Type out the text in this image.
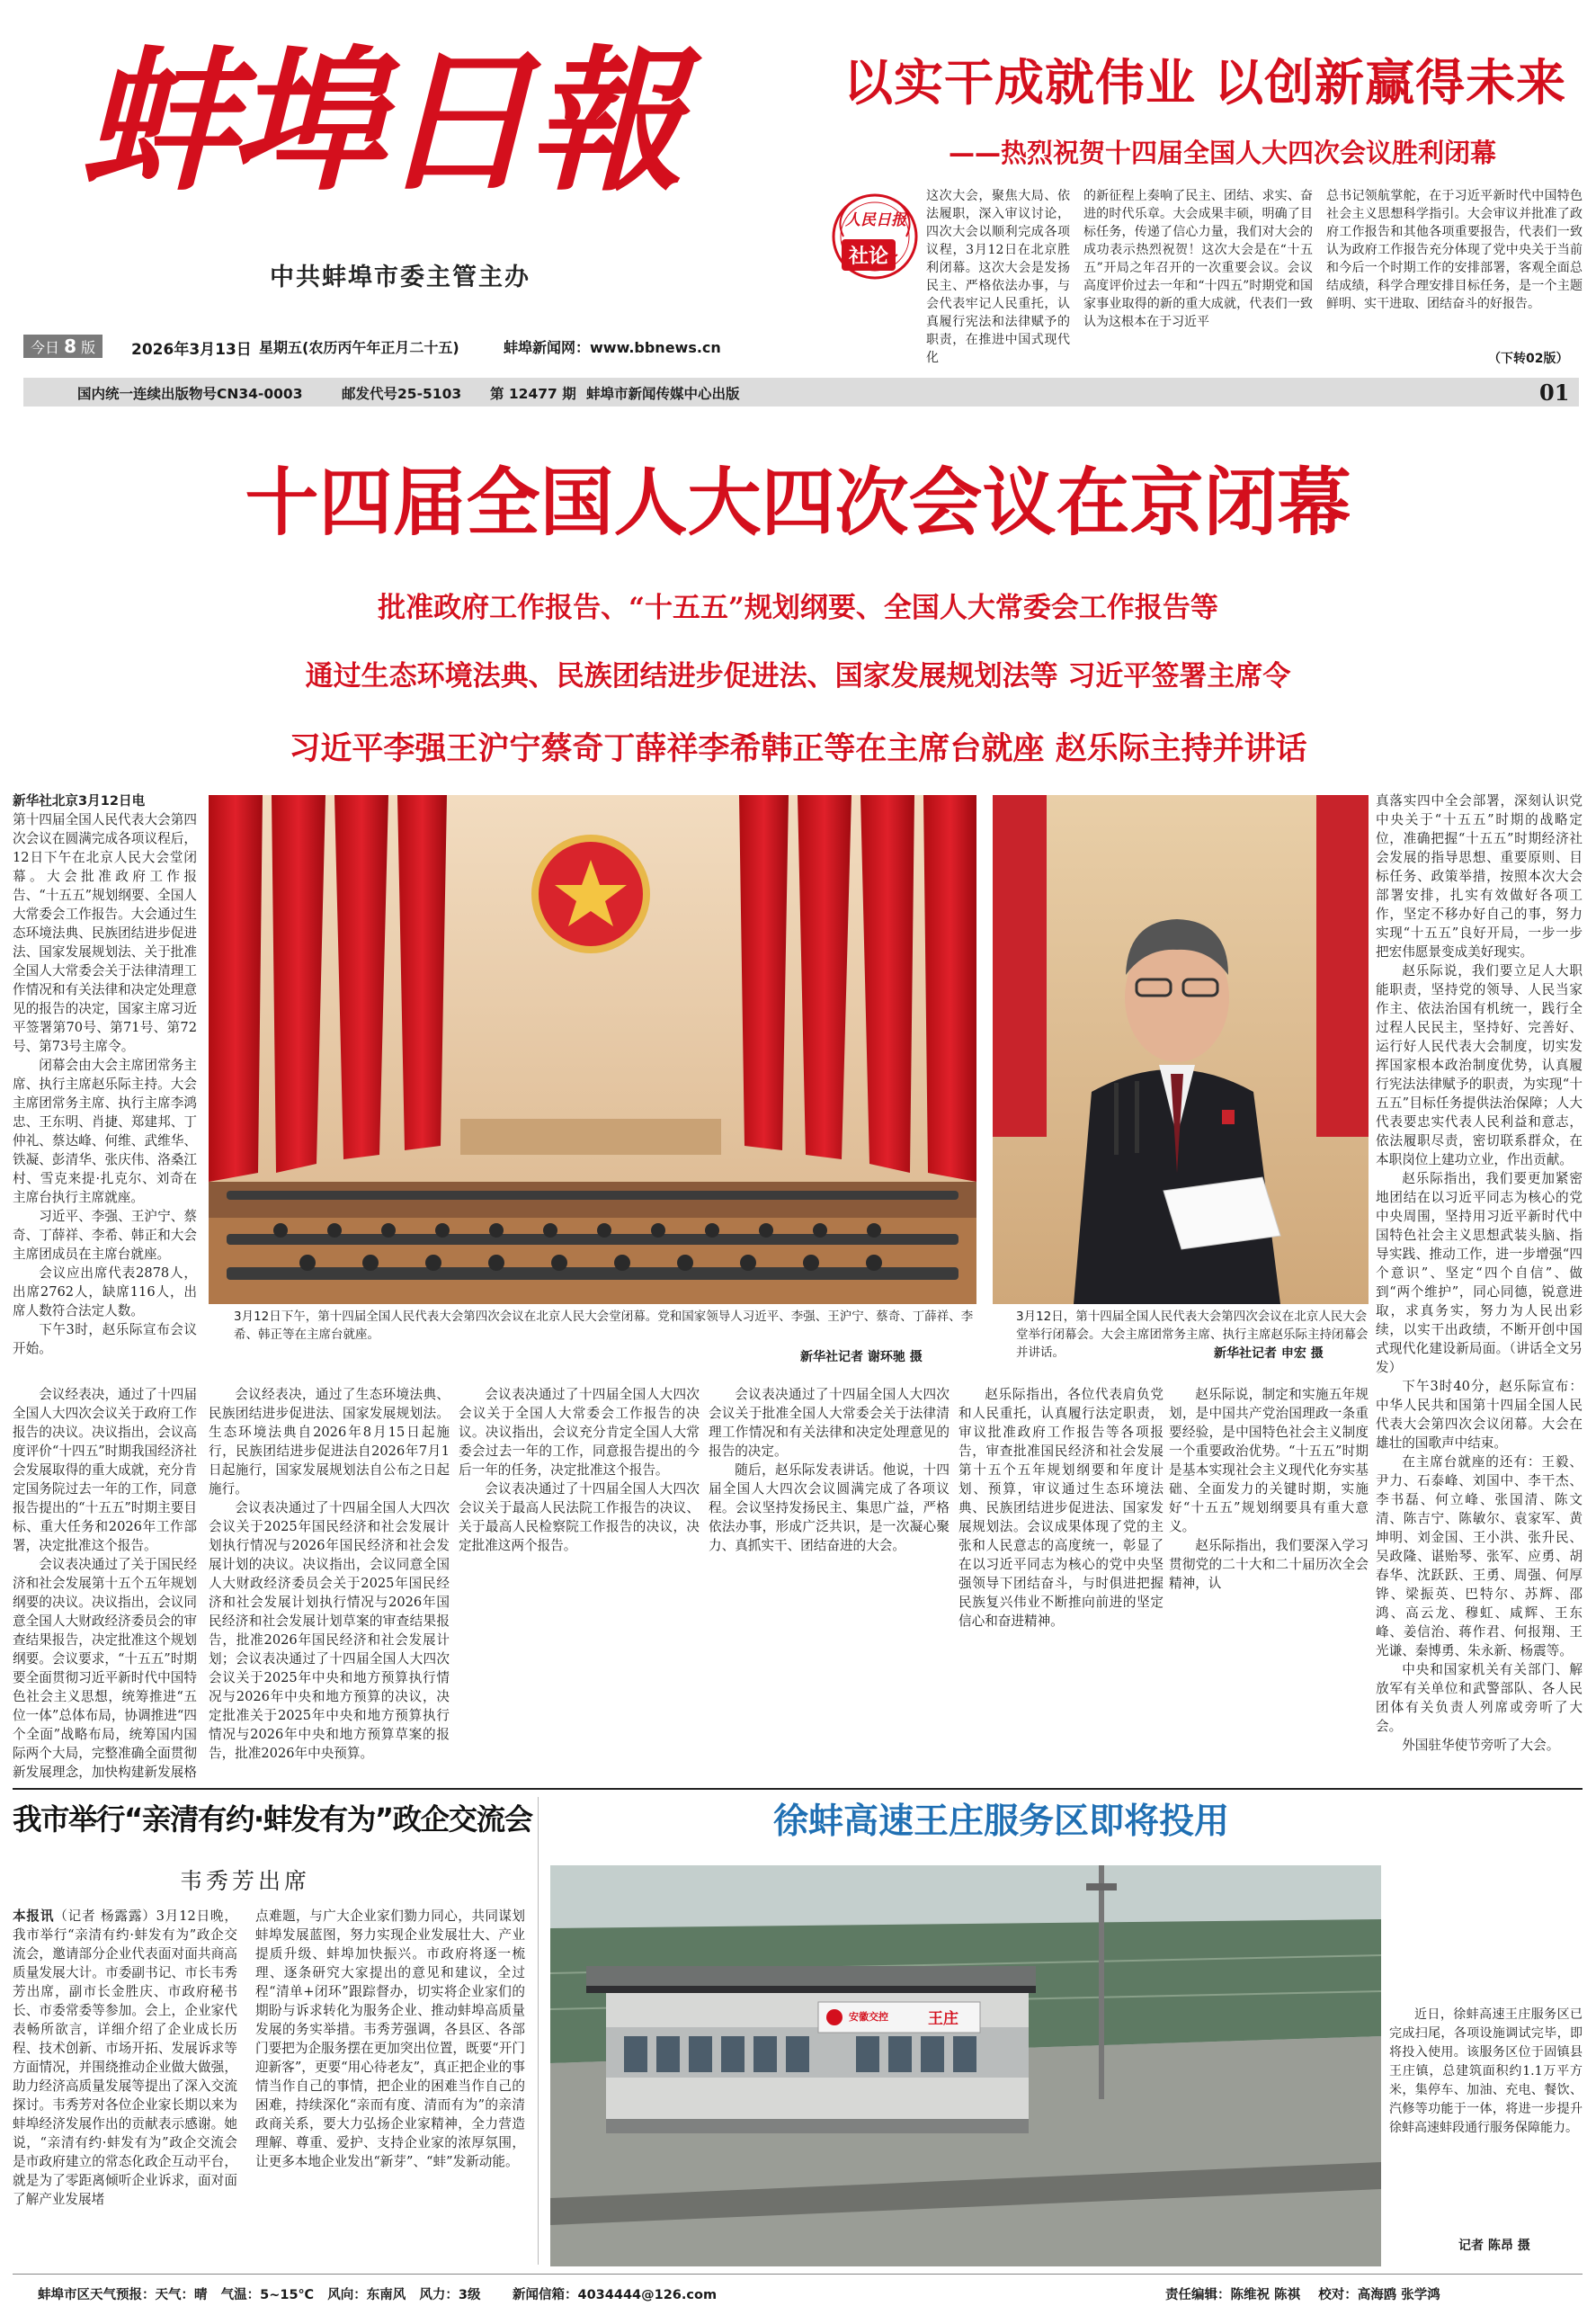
蚌埠日報
中共蚌埠市委主管主办
以实干成就伟业 以创新赢得未来
——热烈祝贺十四届全国人大四次会议胜利闭幕
人民日报
社论
这次大会，聚焦大局、依法履职，深入审议讨论，四次大会以顺利完成各项议程，3月12日在北京胜利闭幕。这次大会是发扬民主、严格依法办事，与会代表牢记人民重托，认真履行宪法和法律赋予的职责，在推进中国式现代化
的新征程上奏响了民主、团结、求实、奋进的时代乐章。大会成果丰硕，明确了目标任务，传递了信心力量，我们对大会的成功表示热烈祝贺！这次大会是在“十五五”开局之年召开的一次重要会议。会议高度评价过去一年和“十四五”时期党和国家事业取得的新的重大成就，代表们一致认为这根本在于习近平
总书记领航掌舵，在于习近平新时代中国特色社会主义思想科学指引。大会审议并批准了政府工作报告和其他各项重要报告，代表们一致认为政府工作报告充分体现了党中央关于当前和今后一个时期工作的安排部署，客观全面总结成绩，科学合理安排目标任务，是一个主题鲜明、实干进取、团结奋斗的好报告。
（下转02版）
今日 8 版	2026年3月13日 星期五(农历丙午年正月二十五)	蚌埠新闻网：www.bbnews.cn
国内统一连续出版物号CN34-0003	邮发代号25-5103 第 12477 期 蚌埠市新闻传媒中心出版	01
十四届全国人大四次会议在京闭幕
批准政府工作报告、“十五五”规划纲要、全国人大常委会工作报告等
通过生态环境法典、民族团结进步促进法、国家发展规划法等 习近平签署主席令
习近平李强王沪宁蔡奇丁薛祥李希韩正等在主席台就座 赵乐际主持并讲话

新华社北京3月12日电

第十四届全国人民代表大会第四次会议在圆满完成各项议程后，12日下午在北京人民大会堂闭幕。大会批准政府工作报告、“十五五”规划纲要、全国人大常委会工作报告。大会通过生态环境法典、民族团结进步促进法、国家发展规划法、关于批准全国人大常委会关于法律清理工作情况和有关法律和决定处理意见的报告的决定，国家主席习近平签署第70号、第71号、第72号、第73号主席令。

闭幕会由大会主席团常务主席、执行主席赵乐际主持。大会主席团常务主席、执行主席李鸿忠、王东明、肖捷、郑建邦、丁仲礼、蔡达峰、何维、武维华、铁凝、彭清华、张庆伟、洛桑江村、雪克来提·扎克尔、刘奇在主席台执行主席就座。

习近平、李强、王沪宁、蔡奇、丁薛祥、李希、韩正和大会主席团成员在主席台就座。

会议应出席代表2878人，出席2762人，缺席116人，出席人数符合法定人数。

下午3时，赵乐际宣布会议开始。

3月12日下午，第十四届全国人民代表大会第四次会议在北京人民大会堂闭幕。党和国家领导人习近平、李强、王沪宁、蔡奇、丁薛祥、李希、韩正等在主席台就座。
新华社记者 谢环驰 摄
3月12日，第十四届全国人民代表大会第四次会议在北京人民大会堂举行闭幕会。大会主席团常务主席、执行主席赵乐际主持闭幕会并讲话。	新华社记者 申宏 摄

真落实四中全会部署，深刻认识党中央关于“十五五”时期的战略定位，准确把握“十五五”时期经济社会发展的指导思想、重要原则、目标任务、政策举措，按照本次大会部署安排，扎实有效做好各项工作，坚定不移办好自己的事，努力实现“十五五”良好开局，一步一步把宏伟愿景变成美好现实。

赵乐际说，我们要立足人大职能职责，坚持党的领导、人民当家作主、依法治国有机统一，践行全过程人民民主，坚持好、完善好、运行好人民代表大会制度，切实发挥国家根本政治制度优势，认真履行宪法法律赋予的职责，为实现“十五五”目标任务提供法治保障；人大代表要忠实代表人民利益和意志，依法履职尽责，密切联系群众，在本职岗位上建功立业，作出贡献。

赵乐际指出，我们要更加紧密地团结在以习近平同志为核心的党中央周围，坚持用习近平新时代中国特色社会主义思想武装头脑、指导实践、推动工作，进一步增强“四个意识”、坚定“四个自信”、做到“两个维护”，同心同德，锐意进取，求真务实，努力为人民出彩续，以实干出政绩，不断开创中国式现代化建设新局面。（讲话全文另发）

下午3时40分，赵乐际宣布：中华人民共和国第十四届全国人民代表大会第四次会议闭幕。大会在雄壮的国歌声中结束。

在主席台就座的还有：王毅、尹力、石泰峰、刘国中、李干杰、李书磊、何立峰、张国清、陈文清、陈吉宁、陈敏尔、袁家军、黄坤明、刘金国、王小洪、张升民、吴政隆、谌贻琴、张军、应勇、胡春华、沈跃跃、王勇、周强、何厚铧、梁振英、巴特尔、苏辉、邵鸿、高云龙、穆虹、咸辉、王东峰、姜信治、蒋作君、何报翔、王光谦、秦博勇、朱永新、杨震等。

中央和国家机关有关部门、解放军有关单位和武警部队、各人民团体有关负责人列席或旁听了大会。

外国驻华使节旁听了大会。

会议经表决，通过了十四届全国人大四次会议关于政府工作报告的决议。决议指出，会议高度评价“十四五”时期我国经济社会发展取得的重大成就，充分肯定国务院过去一年的工作，同意报告提出的“十五五”时期主要目标、重大任务和2026年工作部署，决定批准这个报告。

会议表决通过了关于国民经济和社会发展第十五个五年规划纲要的决议。决议指出，会议同意全国人大财政经济委员会的审查结果报告，决定批准这个规划纲要。会议要求，“十五五”时期要全面贯彻习近平新时代中国特色社会主义思想，统筹推进“五位一体”总体布局，协调推进“四个全面”战略布局，统筹国内国际两个大局，完整准确全面贯彻新发展理念，加快构建新发展格

会议经表决，通过了生态环境法典、民族团结进步促进法、国家发展规划法。生态环境法典自2026年8月15日起施行，民族团结进步促进法自2026年7月1日起施行，国家发展规划法自公布之日起施行。

会议表决通过了十四届全国人大四次会议关于2025年国民经济和社会发展计划执行情况与2026年国民经济和社会发展计划的决议。决议指出，会议同意全国人大财政经济委员会关于2025年国民经济和社会发展计划执行情况与2026年国民经济和社会发展计划草案的审查结果报告，批准2026年国民经济和社会发展计划；会议表决通过了十四届全国人大四次会议关于2025年中央和地方预算执行情况与2026年中央和地方预算的决议，决定批准关于2025年中央和地方预算执行情况与2026年中央和地方预算草案的报告，批准2026年中央预算。

会议表决通过了十四届全国人大四次会议关于全国人大常委会工作报告的决议。决议指出，会议充分肯定全国人大常委会过去一年的工作，同意报告提出的今后一年的任务，决定批准这个报告。

会议表决通过了十四届全国人大四次会议关于最高人民法院工作报告的决议、关于最高人民检察院工作报告的决议，决定批准这两个报告。

会议表决通过了十四届全国人大四次会议关于批准全国人大常委会关于法律清理工作情况和有关法律和决定处理意见的报告的决定。

随后，赵乐际发表讲话。他说，十四届全国人大四次会议圆满完成了各项议程。会议坚持发扬民主、集思广益，严格依法办事，形成广泛共识，是一次凝心聚力、真抓实干、团结奋进的大会。

赵乐际指出，各位代表肩负党和人民重托，认真履行法定职责，审议批准政府工作报告等各项报告，审查批准国民经济和社会发展第十五个五年规划纲要和年度计划、预算，审议通过生态环境法典、民族团结进步促进法、国家发展规划法。会议成果体现了党的主张和人民意志的高度统一，彰显了在以习近平同志为核心的党中央坚强领导下团结奋斗，与时俱进把握民族复兴伟业不断推向前进的坚定信心和奋进精神。

赵乐际说，制定和实施五年规划，是中国共产党治国理政一条重要经验，是中国特色社会主义制度一个重要政治优势。“十五五”时期是基本实现社会主义现代化夯实基础、全面发力的关键时期，实施好“十五五”规划纲要具有重大意义。

赵乐际指出，我们要深入学习贯彻党的二十大和二十届历次全会精神，认

我市举行“亲清有约·蚌发有为”政企交流会
韦秀芳出席

本报讯（记者 杨露露）3月12日晚，我市举行“亲清有约·蚌发有为”政企交流会，邀请部分企业代表面对面共商高质量发展大计。市委副书记、市长韦秀芳出席，副市长金胜庆、市政府秘书长、市委常委等参加。会上，企业家代表畅所欲言，详细介绍了企业成长历程、技术创新、市场开拓、发展诉求等方面情况，并围绕推动企业做大做强，助力经济高质量发展等提出了深入交流探讨。韦秀芳对各位企业家长期以来为蚌埠经济发展作出的贡献表示感谢。她说，“亲清有约·蚌发有为”政企交流会是市政府建立的常态化政企互动平台，就是为了零距离倾听企业诉求，面对面了解产业发展堵

点难题，与广大企业家们勠力同心，共同谋划蚌埠发展蓝图，努力实现企业发展壮大、产业提质升级、蚌埠加快振兴。市政府将逐一梳理、逐条研究大家提出的意见和建议，全过程“清单+闭环”跟踪督办，切实将企业家们的期盼与诉求转化为服务企业、推动蚌埠高质量发展的务实举措。韦秀芳强调，各县区、各部门要把为企服务摆在更加突出位置，既要“开门迎新客”，更要“用心待老友”，真正把企业的事情当作自己的事情，把企业的困难当作自己的困难，持续深化“亲而有度、清而有为”的亲清政商关系，要大力弘扬企业家精神，全力营造理解、尊重、爱护、支持企业家的浓厚氛围，让更多本地企业发出“新芽”、“蚌”发新动能。

徐蚌高速王庄服务区即将投用
安徽交控	王庄	近日，徐蚌高速王庄服务区已完成扫尾，各项设施调试完毕，即将投入使用。该服务区位于固镇县王庄镇，总建筑面积约1.1万平方米，集停车、加油、充电、餐饮、汽修等功能于一体，将进一步提升徐蚌高速蚌段通行服务保障能力。

记者 陈昂 摄
蚌埠市区天气预报：天气：晴   气温：5~15℃   风向：东南风   风力：3级 新闻信箱：4034444@126.com	责任编辑：陈维祝 陈祺    校对：高海鸥 张学鸿
